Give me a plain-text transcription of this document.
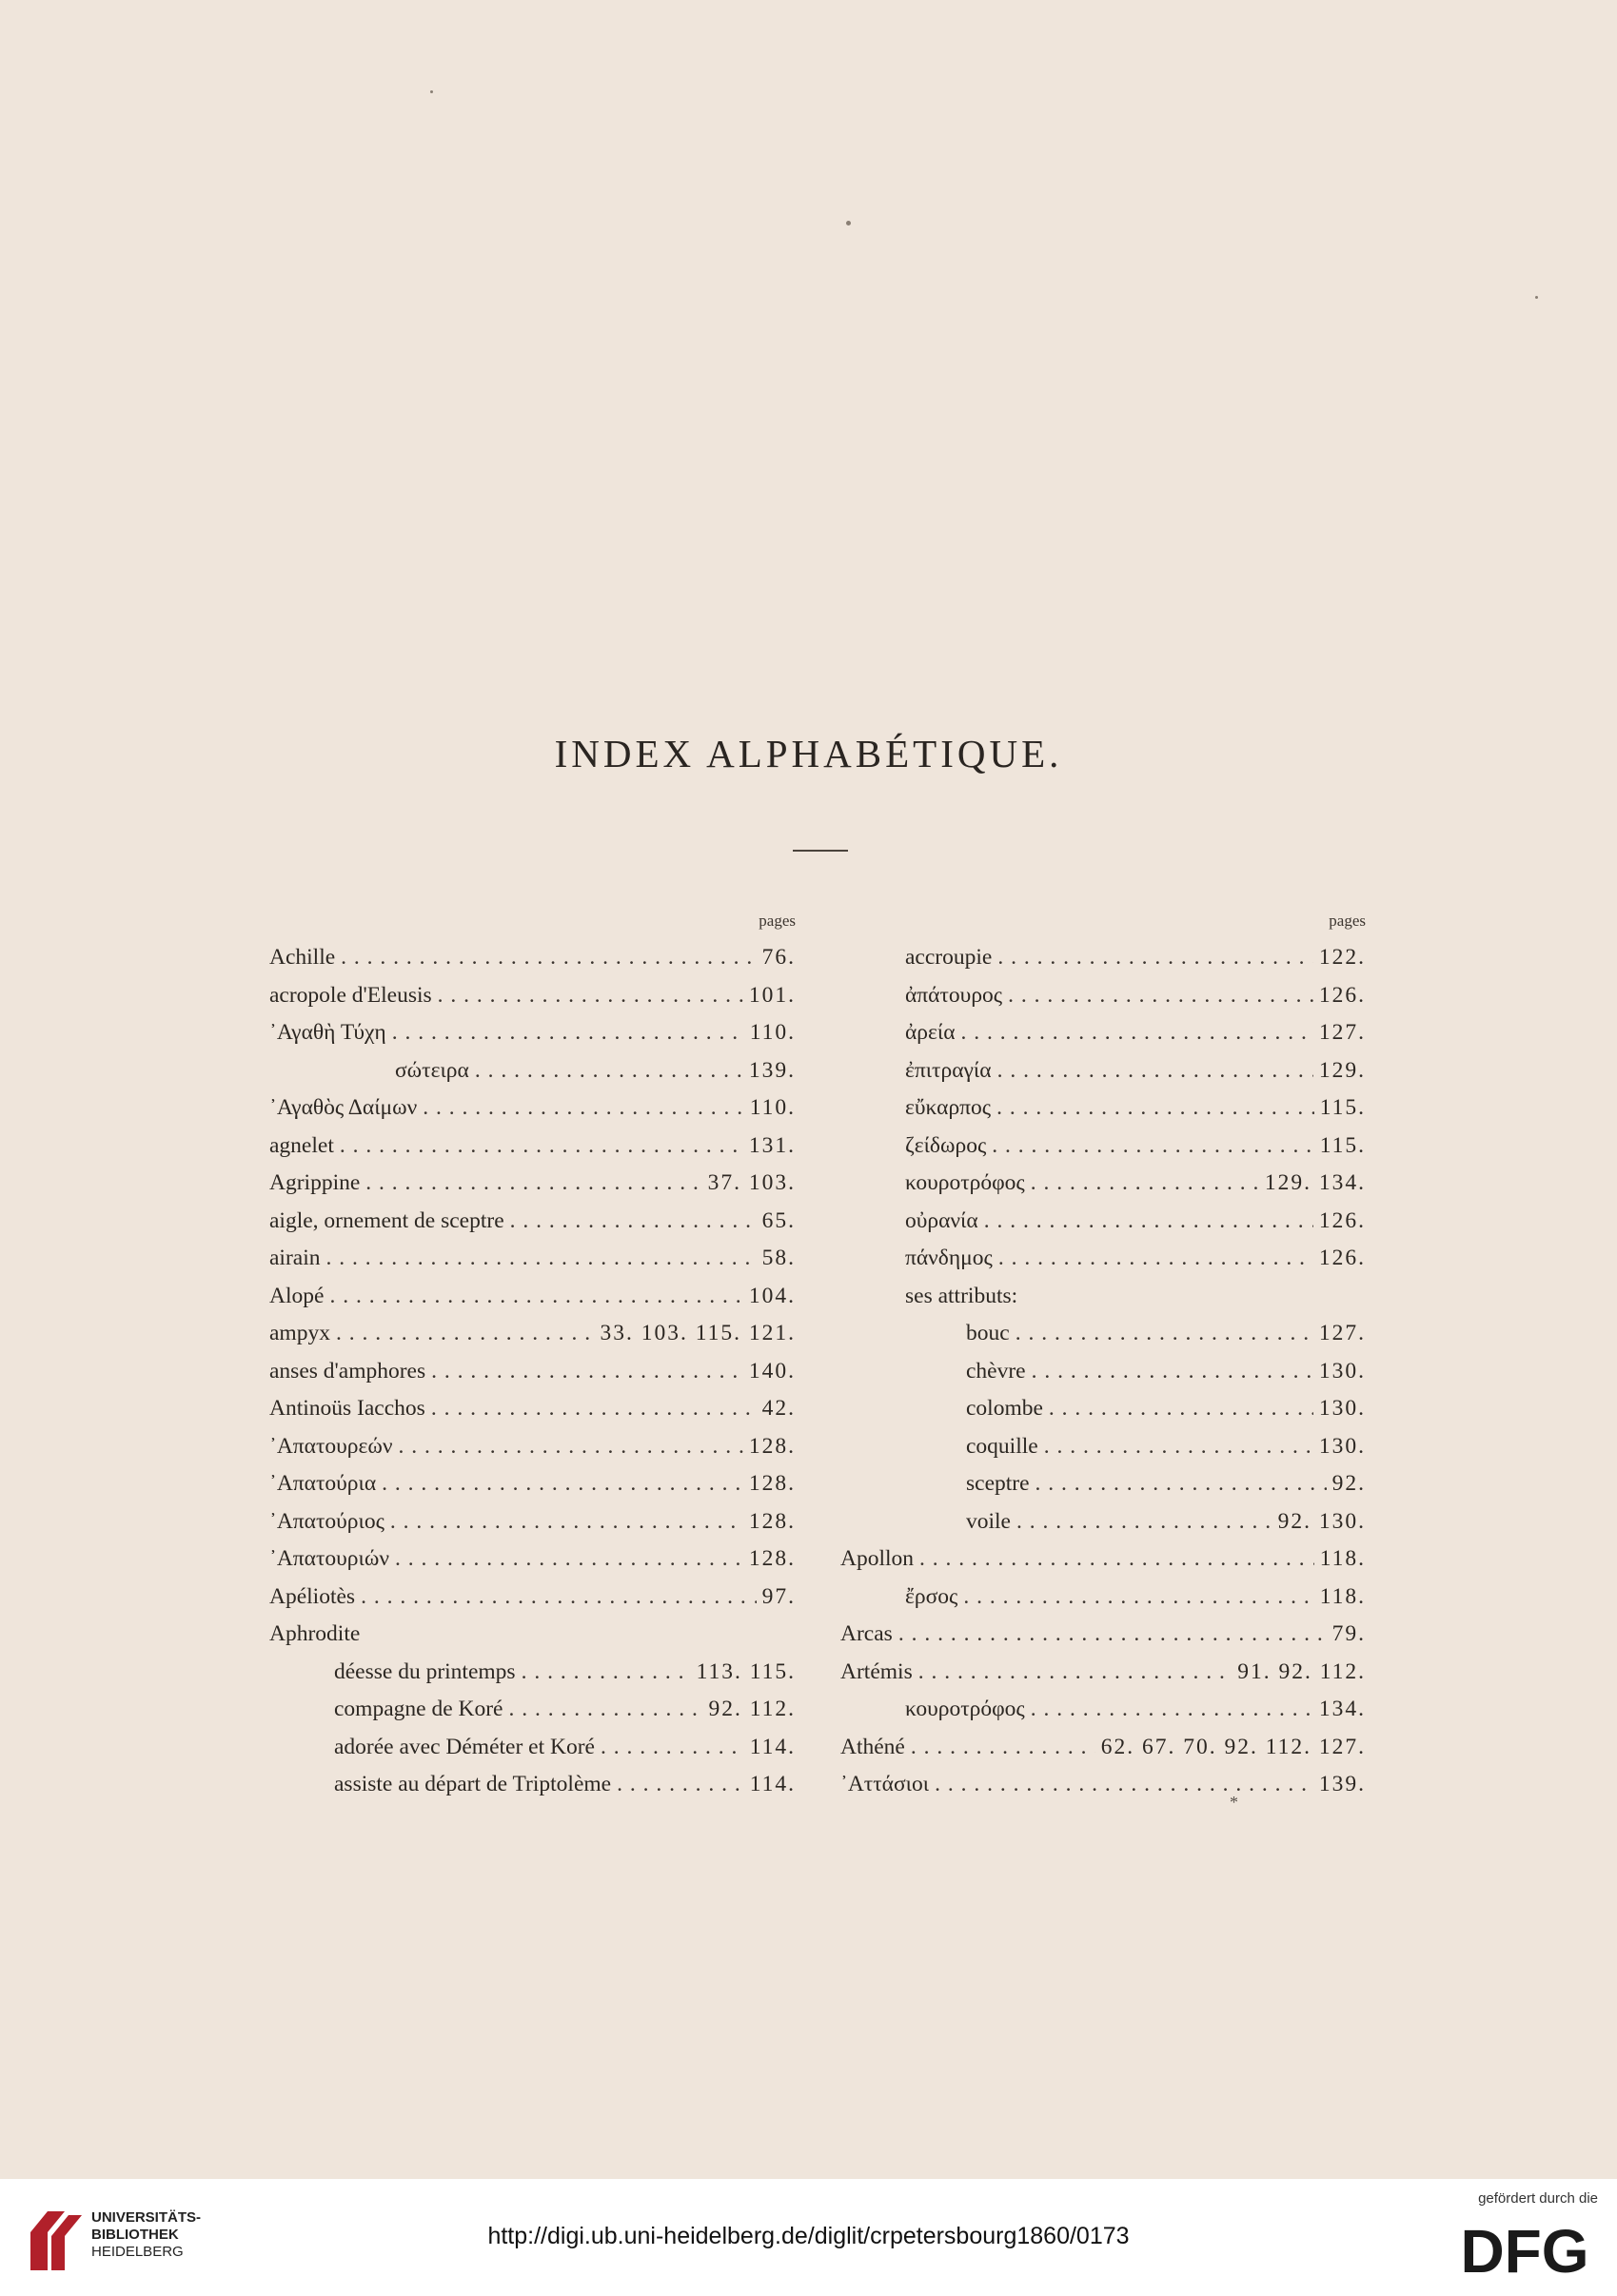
INDEX ALPHABÉTIQUE.
pages
Achille . . .	76.
acropole d'Eleusis . . .	101.
᾿Αγαθὴ Τύχη . . .	110.
σώτειρα . . .	139.
᾿Αγαθὸς Δαίμων . . .	110.
agnelet . . .	131.
Agrippine . . .	37. 103.
aigle, ornement de sceptre . . .	65.
airain . . .	58.
Alopé . . .	104.
ampyx . . .	33. 103. 115. 121.
anses d'amphores . . .	140.
Antinoüs Iacchos . . .	42.
᾿Απατουρεών . . .	128.
᾿Απατούρια . . .	128.
᾿Απατούριος . . .	128.
᾿Απατουριών . . .	128.
Apéliotès . . .	97.
Aphrodite
déesse du printemps . . .	113. 115.
compagne de Koré . . .	92. 112.
adorée avec Déméter et Koré . . .	114.
assiste au départ de Triptolème . . .	114.
pages
accroupie . . .	122.
ἀπάτουρος . . .	126.
ἀρεία . . .	127.
ἐπιτραγία . . .	129.
εὔκαρπος . . .	115.
ζείδωρος . . .	115.
κουροτρόφος . . .	129. 134.
οὐρανία . . .	126.
πάνδημος . . .	126.
ses attributs:
bouc . . .	127.
chèvre . . .	130.
colombe . . .	130.
coquille . . .	130.
sceptre . . .	92.
voile . . .	92. 130.
Apollon . . .	118.
ἔρσος . . .	118.
Arcas . . .	79.
Artémis . . .	91. 92. 112.
κουροτρόφος . . .	134.
Athéné . . .	62. 67. 70. 92. 112. 127.
᾿Αττάσιοι . . .	139.
*
UNIVERSITÄTS-
BIBLIOTHEK
HEIDELBERG
http://digi.ub.uni-heidelberg.de/diglit/crpetersbourg1860/0173
gefördert durch die
DFG
